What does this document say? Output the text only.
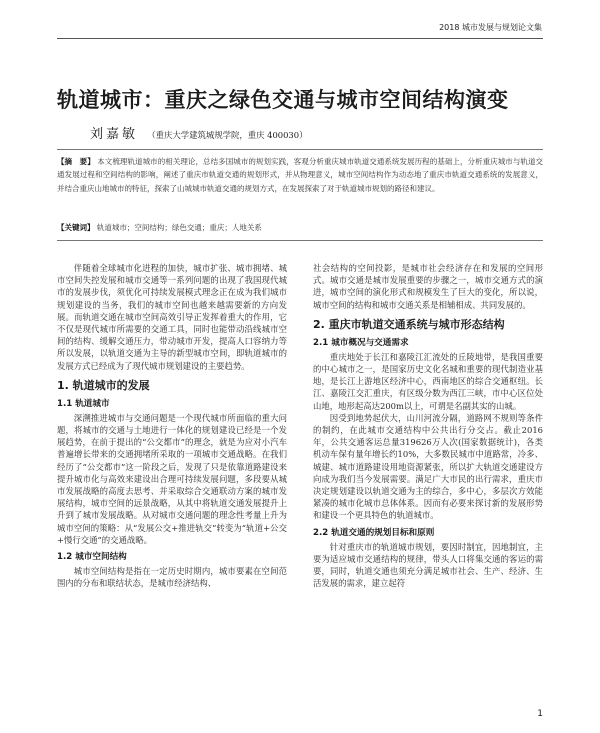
2018 城市发展与规划论文集
轨道城市：重庆之绿色交通与城市空间结构演变
刘嘉敏 （重庆大学建筑城规学院，重庆 400030）
【摘　要】 本文梳理轨道城市的相关理论，总结多国城市的规划实践，客观分析重庆城市轨道交通系统发展历程的基础上，分析重庆城市与轨道交通发展过程和空间结构的影响，阐述了重庆市轨道交通的规划形式，并从物理意义，城市空间结构作为动态地了重庆市轨道交通系统的发展意义，并结合重庆山地城市的特征，探索了山城城市轨道交通的规划方式，在发展探索了对于轨道城市规划的路径和建议。
【关键词】 轨道城市；空间结构；绿色交通；重庆；人地关系

伴随着全球城市化进程的加快，城市扩张、城市拥堵、城市空间失控发展和城市交通等一系列问题的出现了我国现代城市的发展步伐，须优化可持续发展模式理念正在成为我们城市规划建设的当务，我们的城市空间也越来越需要新的方向发展。而轨道交通在城市空间高效引导正发挥着重大的作用，它不仅是现代城市所需要的交通工具，同时也能带动沿线城市空间的结构、缓解交通压力，带动城市开发，提高人口容纳力等所以发展，以轨道交通为主导的新型城市空间，即轨道城市的发展方式已经成为了现代城市规划建设的主要趋势。

1. 轨道城市的发展
1.1 轨道城市

深溯推进城市与交通问题是一个现代城市所面临的重大问题，将城市的交通与土地进行一体化的规划建设已经是一个发展趋势，在前于提出的“公交都市”的理念，就是为应对小汽车普遍增长带来的交通拥堵所采取的一项城市交通战略。在我们经历了“公交都市”这一阶段之后，发现了只是依靠道路建设来提升城市化与高效来建设出合理可持续发展问题，多段要从城市发展战略的高度去思考、并采取综合交通联动方案的城市发展结构，城市空间的远景战略，从其中将轨道交通发展提升上升到了城市发展战略。从对城市交通问题的理念性考量上升为城市空间的策略：从“发展公交+推进轨交”转变为“轨道+公交+慢行交通”的交通战略。

1.2 城市空间结构

城市空间结构是指在一定历史时期内，城市要素在空间范围内的分布和联结状态，是城市经济结构、

社会结构的空间投影，是城市社会经济存在和发展的空间形式。城市交通是城市发展重要的步骤之一，城市交通方式的演进，城市空间的演化形式和规模发生了巨大的变化，所以说，城市空间的结构和城市交通关系是相辅相成、共同发展的。

2. 重庆市轨道交通系统与城市形态结构
2.1 城市概况与交通需求

重庆地处于长江和嘉陵江汇流处的丘陵地带，是我国重要的中心城市之一，是国家历史文化名城和重要的现代制造业基地，是长江上游地区经济中心，西南地区的综合交通枢纽。长江、嘉陵江交汇重庆，有区级分数为西江三峡，市中心区位处山地，地形起高达200m以上，可谓是名副其实的山城。

因受到地势起伏大，山川河流分隔，道路网不规则等条件的制约，在此城市交通结构中公共出行分交占。截止2016年，公共交通客运总量319626万人次(国家数据统计)，各类机动车保有量年增长约10%，大多数民城市中道路常，冷多、城建、城市道路建设用地资源紧张，所以扩大轨道交通建设方向成为我们当今发展需要。满足广大市民的出行需求，重庆市决定规划建设以轨道交通为主的综合，多中心，多层次方效能紧凑的城市化城市总体体系。因而有必要来探讨新的发展形势和建设一个更具特色的轨道城市。

2.2 轨道交通的规划目标和原则

针对重庆市的轨道城市规划，要因时制宜，因地制宜，主要为适应城市交通结构的规律，带头人口将集交通的客运的需要，同时，轨道交通也须充分满足城市社会、生产、经济、生活发展的需求，建立起符

1
